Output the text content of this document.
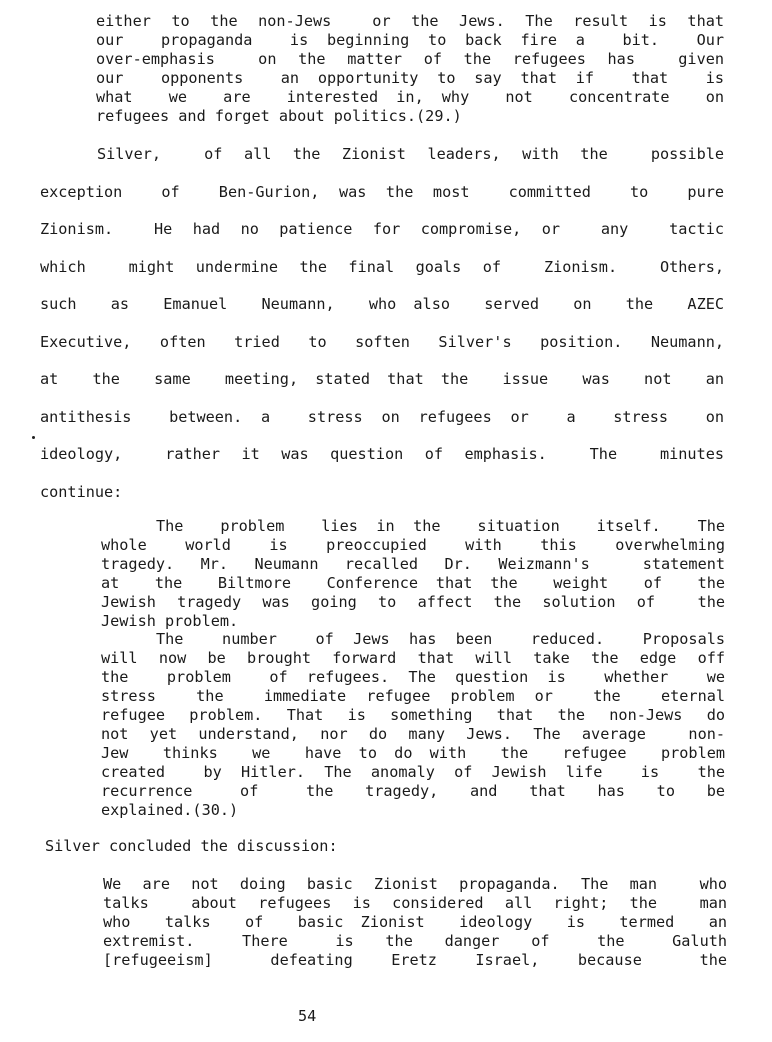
either to the non-Jews  or the Jews. The result is that
our  propaganda  is beginning to back fire a  bit.  Our
over-emphasis  on the matter of the refugees has  given
our  opponents  an opportunity to say that if  that  is
what  we  are  interested in, why  not  concentrate  on
refugees and forget about politics.(29.)
Silver,  of all the Zionist leaders, with the  possible
exception  of  Ben-Gurion, was the most  committed  to  pure
Zionism.  He had no patience for compromise, or  any  tactic
which  might undermine the final goals of  Zionism.  Others,
such  as  Emanuel  Neumann,  who also  served  on  the  AZEC
Executive, often tried to soften Silver's position. Neumann,
at  the  same  meeting, stated that the  issue  was  not  an
antithesis  between. a  stress on refugees or  a  stress  on
ideology,  rather it was question of emphasis.  The  minutes
continue:
The  problem  lies in the  situation  itself.  The
whole  world  is  preoccupied  with  this  overwhelming
tragedy. Mr. Neumann recalled Dr. Weizmann's  statement
at  the  Biltmore  Conference that the  weight  of  the
Jewish tragedy was going to affect the solution of  the
Jewish problem.
The  number  of Jews has been  reduced.  Proposals
will now be brought forward that will take the edge off
the  problem  of refugees. The question is  whether  we
stress  the  immediate refugee problem or  the  eternal
refugee problem. That is something that the non-Jews do
not yet understand, nor do many Jews. The average  non-
Jew  thinks  we  have to do with  the  refugee  problem
created  by Hitler. The anomaly of Jewish life  is  the
recurrence   of   the  tragedy,  and  that  has  to  be
explained.(30.)
Silver concluded the discussion:
We are not doing basic Zionist propaganda. The man  who
talks  about refugees is considered all right; the  man
who  talks  of  basic Zionist  ideology  is  termed  an
extremist.   There   is  the  danger  of   the   Galuth
[refugeeism]   defeating  Eretz  Israel,  because   the
54
